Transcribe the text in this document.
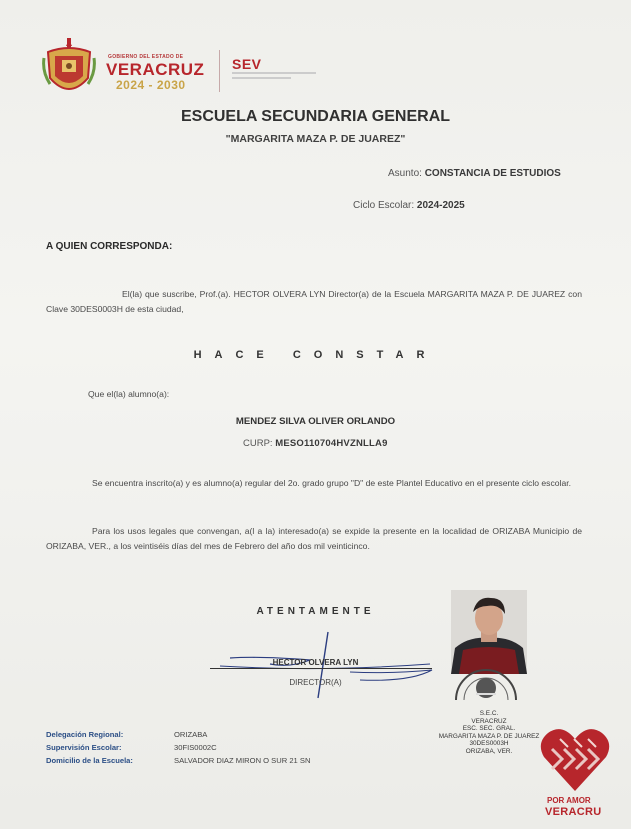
GOBIERNO DEL ESTADO DE
VERACRUZ
2024 - 2030
SEV
ESCUELA SECUNDARIA GENERAL
"MARGARITA MAZA P. DE JUAREZ"
Asunto: CONSTANCIA DE ESTUDIOS
Ciclo Escolar: 2024-2025
A QUIEN CORRESPONDA:
El(la) que suscribe, Prof.(a). HECTOR OLVERA LYN Director(a) de la Escuela MARGARITA MAZA P. DE JUAREZ con Clave 30DES0003H de esta ciudad,
HACE CONSTAR
Que el(la) alumno(a):
MENDEZ SILVA OLIVER ORLANDO
CURP: MESO110704HVZNLLA9
Se encuentra inscrito(a) y es alumno(a) regular del 2o. grado grupo "D" de este Plantel Educativo en el presente ciclo escolar.
Para los usos legales que convengan, a(l a la) interesado(a) se expide la presente en la localidad de ORIZABA Municipio de ORIZABA, VER., a los veintiséis días del mes de Febrero del año dos mil veinticinco.
ATENTAMENTE
HECTOR OLVERA LYN
DIRECTOR(A)
S.E.C.
VERACRUZ
ESC. SEC. GRAL.
MARGARITA MAZA P. DE JUAREZ
30DES0003H
ORIZABA, VER.
Delegación Regional:	ORIZABA
Supervisión Escolar:	30FIS0002C
Domicilio de la Escuela:	SALVADOR DIAZ MIRON O SUR 21 SN
POR AMOR
VERACRU
